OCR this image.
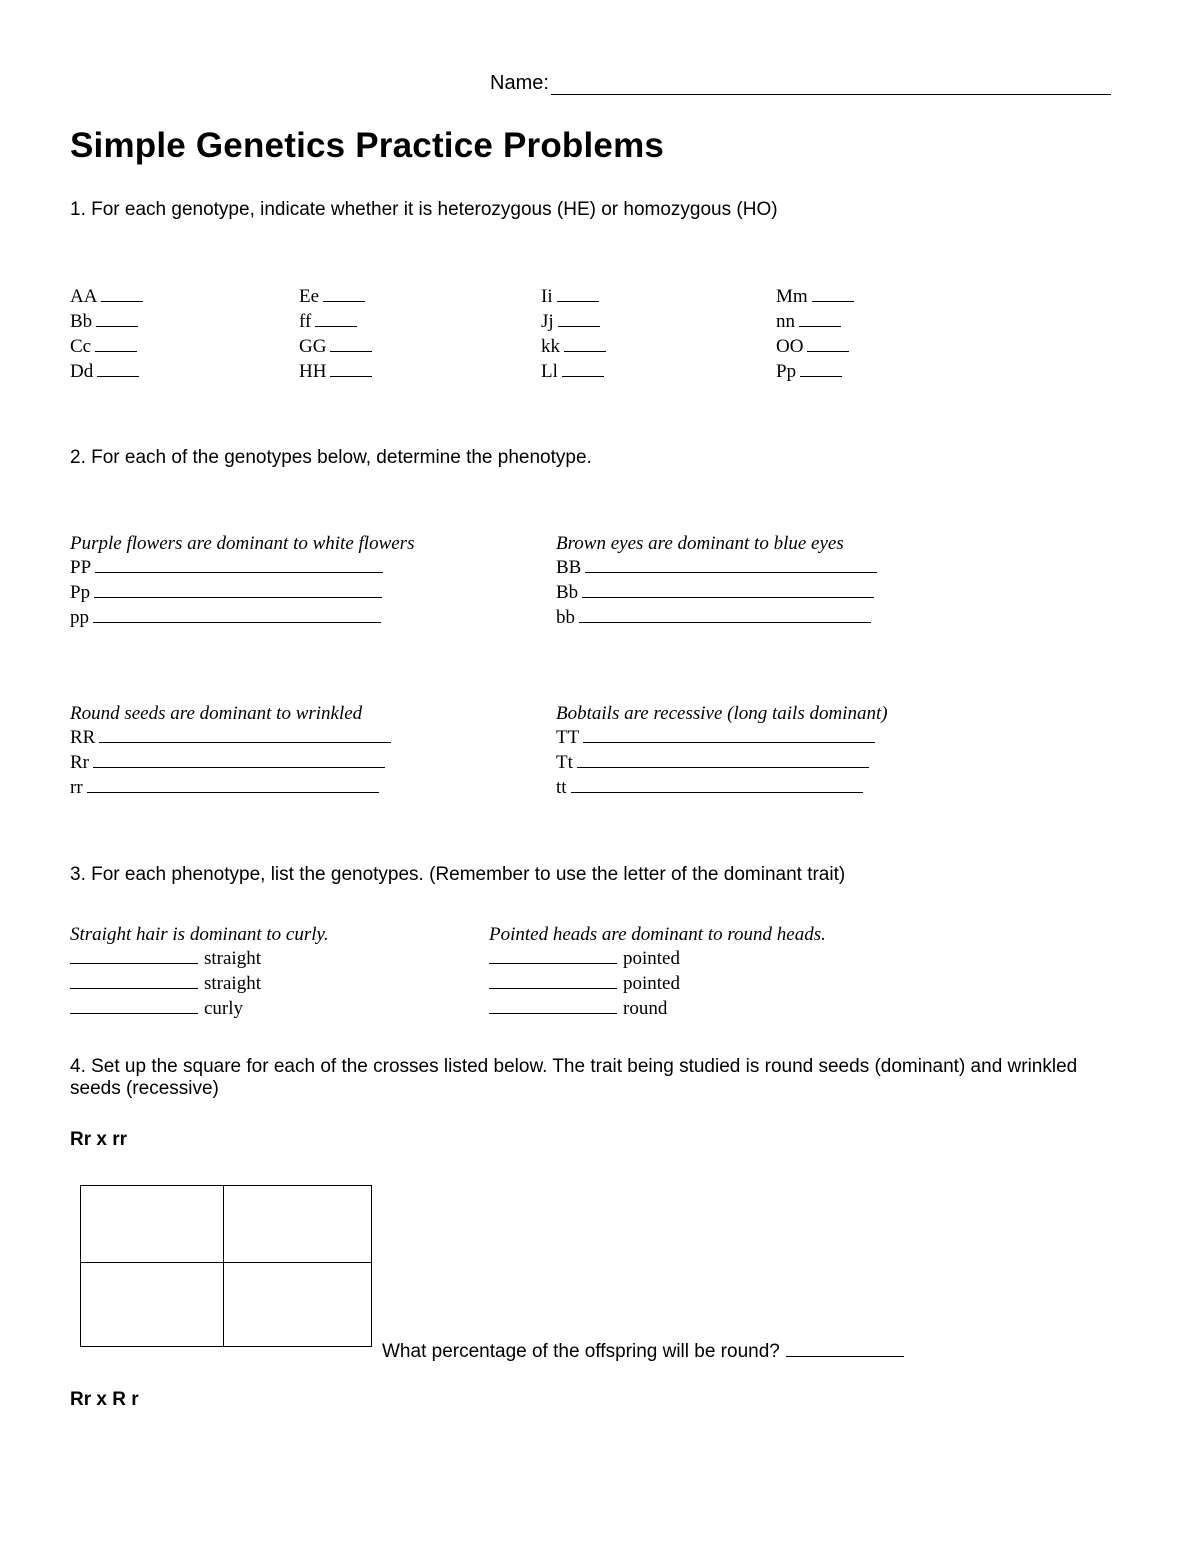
Name:
Simple Genetics Practice Problems
1. For each genotype, indicate whether it is heterozygous (HE) or homozygous (HO)
AA
Bb
Cc
Dd
Ee
ff
GG
HH
Ii
Jj
kk
Ll
Mm
nn
OO
Pp
2. For each of the genotypes below, determine the phenotype.
Purple flowers are dominant to white flowers
PP
Pp
pp
Brown eyes are dominant to blue eyes
BB
Bb
bb
Round seeds are dominant to wrinkled
RR
Rr
rr
Bobtails are recessive (long tails dominant)
TT
Tt
tt
3. For each phenotype, list the genotypes. (Remember to use the letter of the dominant trait)
Straight hair is dominant to curly.
straight
straight
curly
Pointed heads are dominant to round heads.
pointed
pointed
round
4. Set up the square for each of the crosses listed below. The trait being studied is round seeds (dominant) and wrinkled
seeds (recessive)
Rr x rr
What percentage of the offspring will be round?
Rr x R r
